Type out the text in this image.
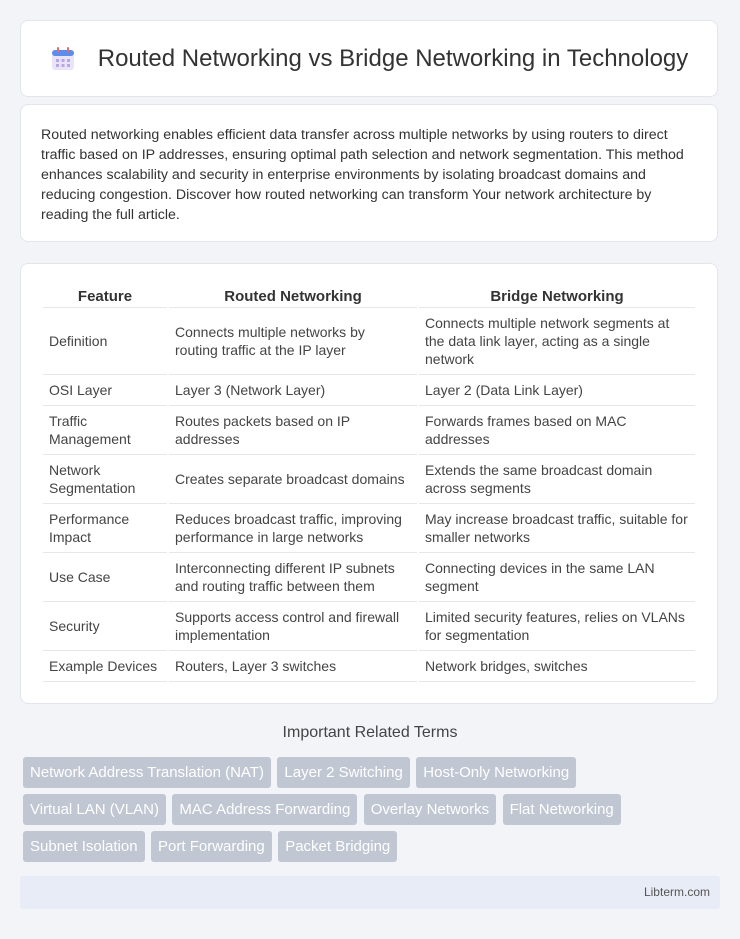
Routed Networking vs Bridge Networking in Technology

Routed networking enables efficient data transfer across multiple networks by using routers to direct traffic based on IP addresses, ensuring optimal path selection and network segmentation. This method enhances scalability and security in enterprise environments by isolating broadcast domains and reducing congestion. Discover how routed networking can transform Your network architecture by reading the full article.

Feature	Routed Networking	Bridge Networking
Definition	Connects multiple networks by routing traffic at the IP layer	Connects multiple network segments at the data link layer, acting as a single network
OSI Layer	Layer 3 (Network Layer)	Layer 2 (Data Link Layer)
Traffic Management	Routes packets based on IP addresses	Forwards frames based on MAC addresses
Network Segmentation	Creates separate broadcast domains	Extends the same broadcast domain across segments
Performance Impact	Reduces broadcast traffic, improving performance in large networks	May increase broadcast traffic, suitable for smaller networks
Use Case	Interconnecting different IP subnets and routing traffic between them	Connecting devices in the same LAN segment
Security	Supports access control and firewall implementation	Limited security features, relies on VLANs for segmentation
Example Devices	Routers, Layer 3 switches	Network bridges, switches
Important Related Terms
Network Address Translation (NAT) Layer 2 Switching Host-Only Networking
Virtual LAN (VLAN) MAC Address Forwarding Overlay Networks Flat Networking
Subnet Isolation Port Forwarding Packet Bridging
Libterm.com
